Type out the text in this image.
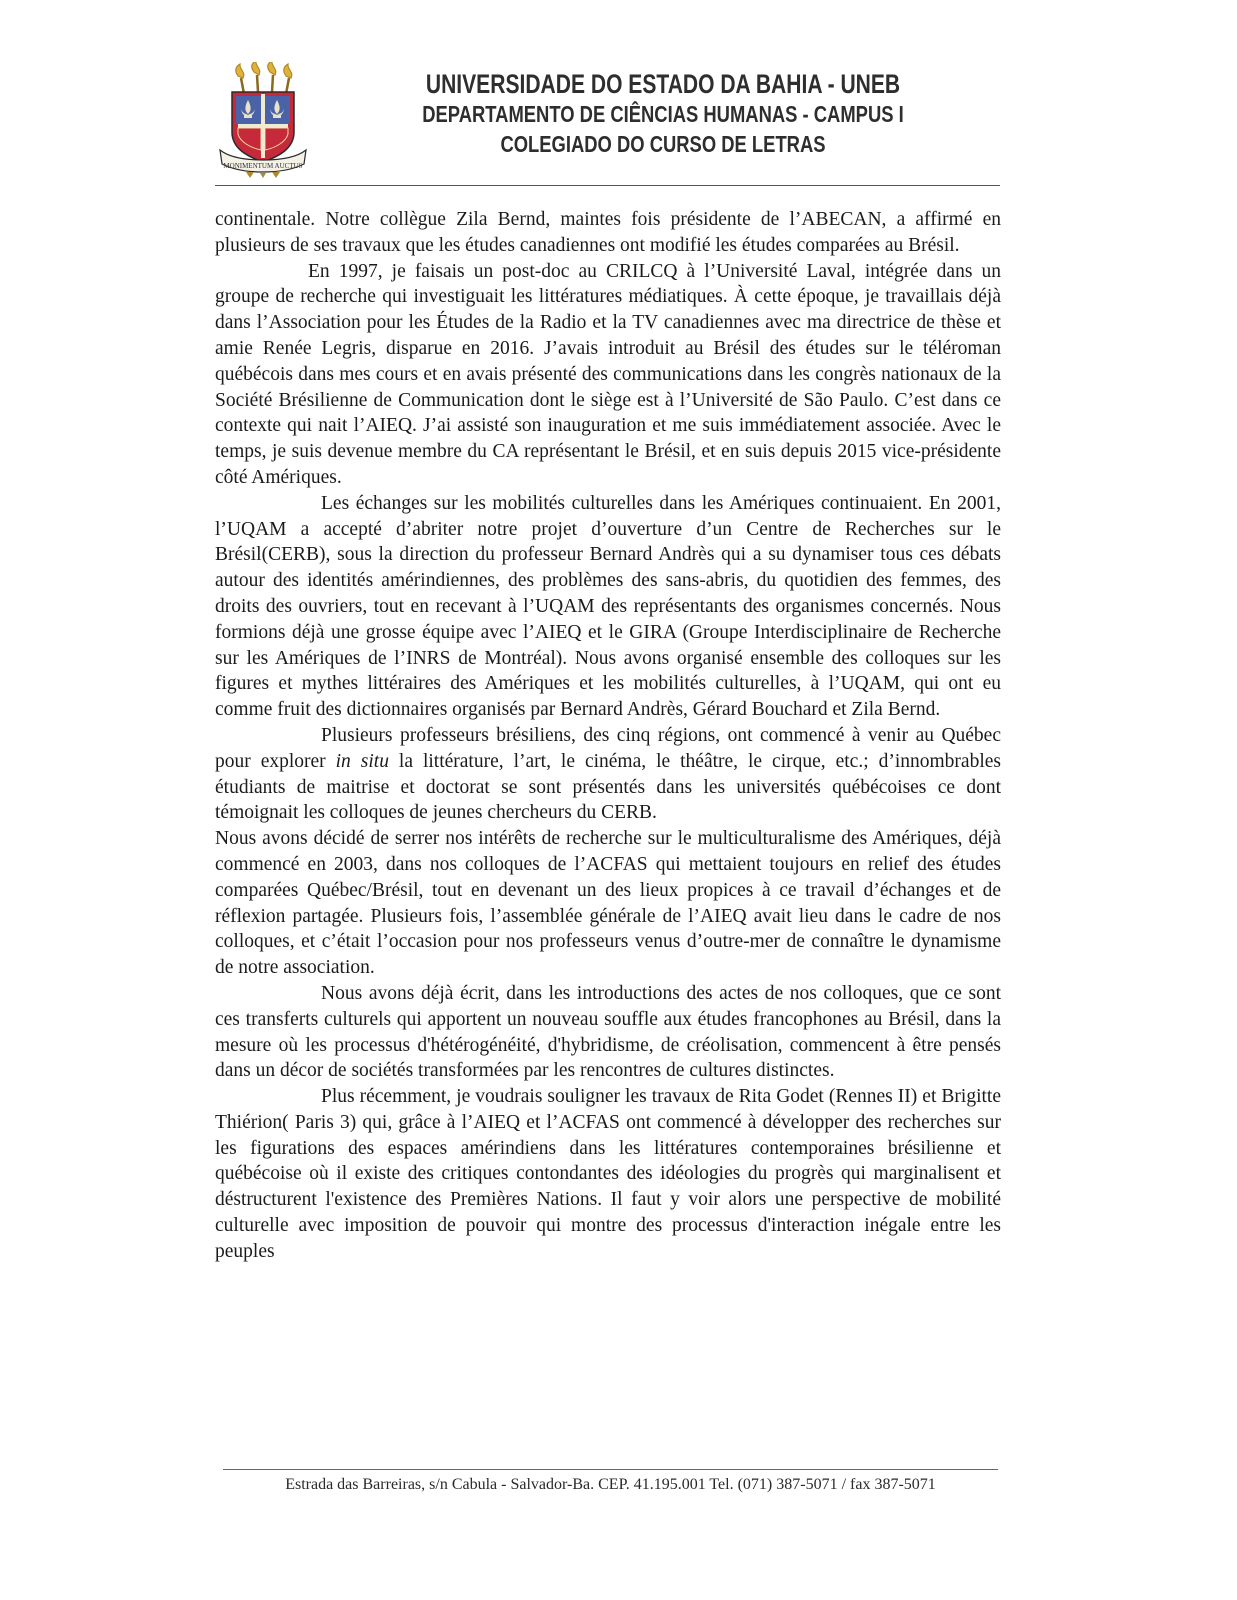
MONIMENTUM AUCTUS
UNIVERSIDADE DO ESTADO DA BAHIA - UNEB
DEPARTAMENTO DE CIÊNCIAS HUMANAS - CAMPUS I
COLEGIADO DO CURSO DE LETRAS

continentale. Notre collègue Zila Bernd, maintes fois présidente de l’ABECAN, a affirmé en plusieurs de ses travaux que les études canadiennes ont modifié les études comparées au Brésil.

En 1997, je faisais un post-doc au CRILCQ à l’Université Laval, intégrée dans un groupe de recherche qui investiguait les littératures médiatiques. À cette époque, je travaillais déjà dans l’Association pour les Études de la Radio et la TV canadiennes avec ma directrice de thèse et amie Renée Legris, disparue en 2016. J’avais introduit au Brésil des études sur le téléroman québécois dans mes cours et en avais présenté des communications dans les congrès nationaux de la Société Brésilienne de Communication dont le siège est à l’Université de São Paulo. C’est dans ce contexte qui nait l’AIEQ. J’ai assisté son inauguration et me suis immédiatement associée. Avec le temps, je suis devenue membre du CA représentant le Brésil, et en suis depuis 2015 vice-présidente côté Amériques.

Les échanges sur les mobilités culturelles dans les Amériques continuaient. En 2001, l’UQAM a accepté d’abriter notre projet d’ouverture d’un Centre de Recherches sur le Brésil(CERB), sous la direction du professeur Bernard Andrès qui a su dynamiser tous ces débats autour des identités amérindiennes, des problèmes des sans-abris, du quotidien des femmes, des droits des ouvriers, tout en recevant à l’UQAM des représentants des organismes concernés. Nous formions déjà une grosse équipe avec l’AIEQ et le GIRA (Groupe Interdisciplinaire de Recherche sur les Amériques de l’INRS de Montréal). Nous avons organisé ensemble des colloques sur les figures et mythes littéraires des Amériques et les mobilités culturelles, à l’UQAM, qui ont eu comme fruit des dictionnaires organisés par Bernard Andrès, Gérard Bouchard et Zila Bernd.

Plusieurs professeurs brésiliens, des cinq régions, ont commencé à venir au Québec pour explorer in situ la littérature, l’art, le cinéma, le théâtre, le cirque, etc.; d’innombrables étudiants de maitrise et doctorat se sont présentés dans les universités québécoises ce dont témoignait les colloques de jeunes chercheurs du CERB.

Nous avons décidé de serrer nos intérêts de recherche sur le multiculturalisme des Amériques, déjà commencé en 2003, dans nos colloques de l’ACFAS qui mettaient toujours en relief des études comparées Québec/Brésil, tout en devenant un des lieux propices à ce travail d’échanges et de réflexion partagée. Plusieurs fois, l’assemblée générale de l’AIEQ avait lieu dans le cadre de nos colloques, et c’était l’occasion pour nos professeurs venus d’outre-mer de connaître le dynamisme de notre association.

Nous avons déjà écrit, dans les introductions des actes de nos colloques, que ce sont ces transferts culturels qui apportent un nouveau souffle aux études francophones au Brésil, dans la mesure où les processus d'hétérogénéité, d'hybridisme, de créolisation, commencent à être pensés dans un décor de sociétés transformées par les rencontres de cultures distinctes.

Plus récemment, je voudrais souligner les travaux de Rita Godet (Rennes II) et Brigitte Thiérion( Paris 3) qui, grâce à l’AIEQ et l’ACFAS ont commencé à développer des recherches sur les figurations des espaces amérindiens dans les littératures contemporaines brésilienne et québécoise où il existe des critiques contondantes des idéologies du progrès qui marginalisent et déstructurent l'existence des Premières Nations. Il faut y voir alors une perspective de mobilité culturelle avec imposition de pouvoir qui montre des processus d'interaction inégale entre les peuples

Estrada das Barreiras, s/n Cabula - Salvador-Ba. CEP. 41.195.001 Tel. (071) 387-5071 / fax 387-5071
